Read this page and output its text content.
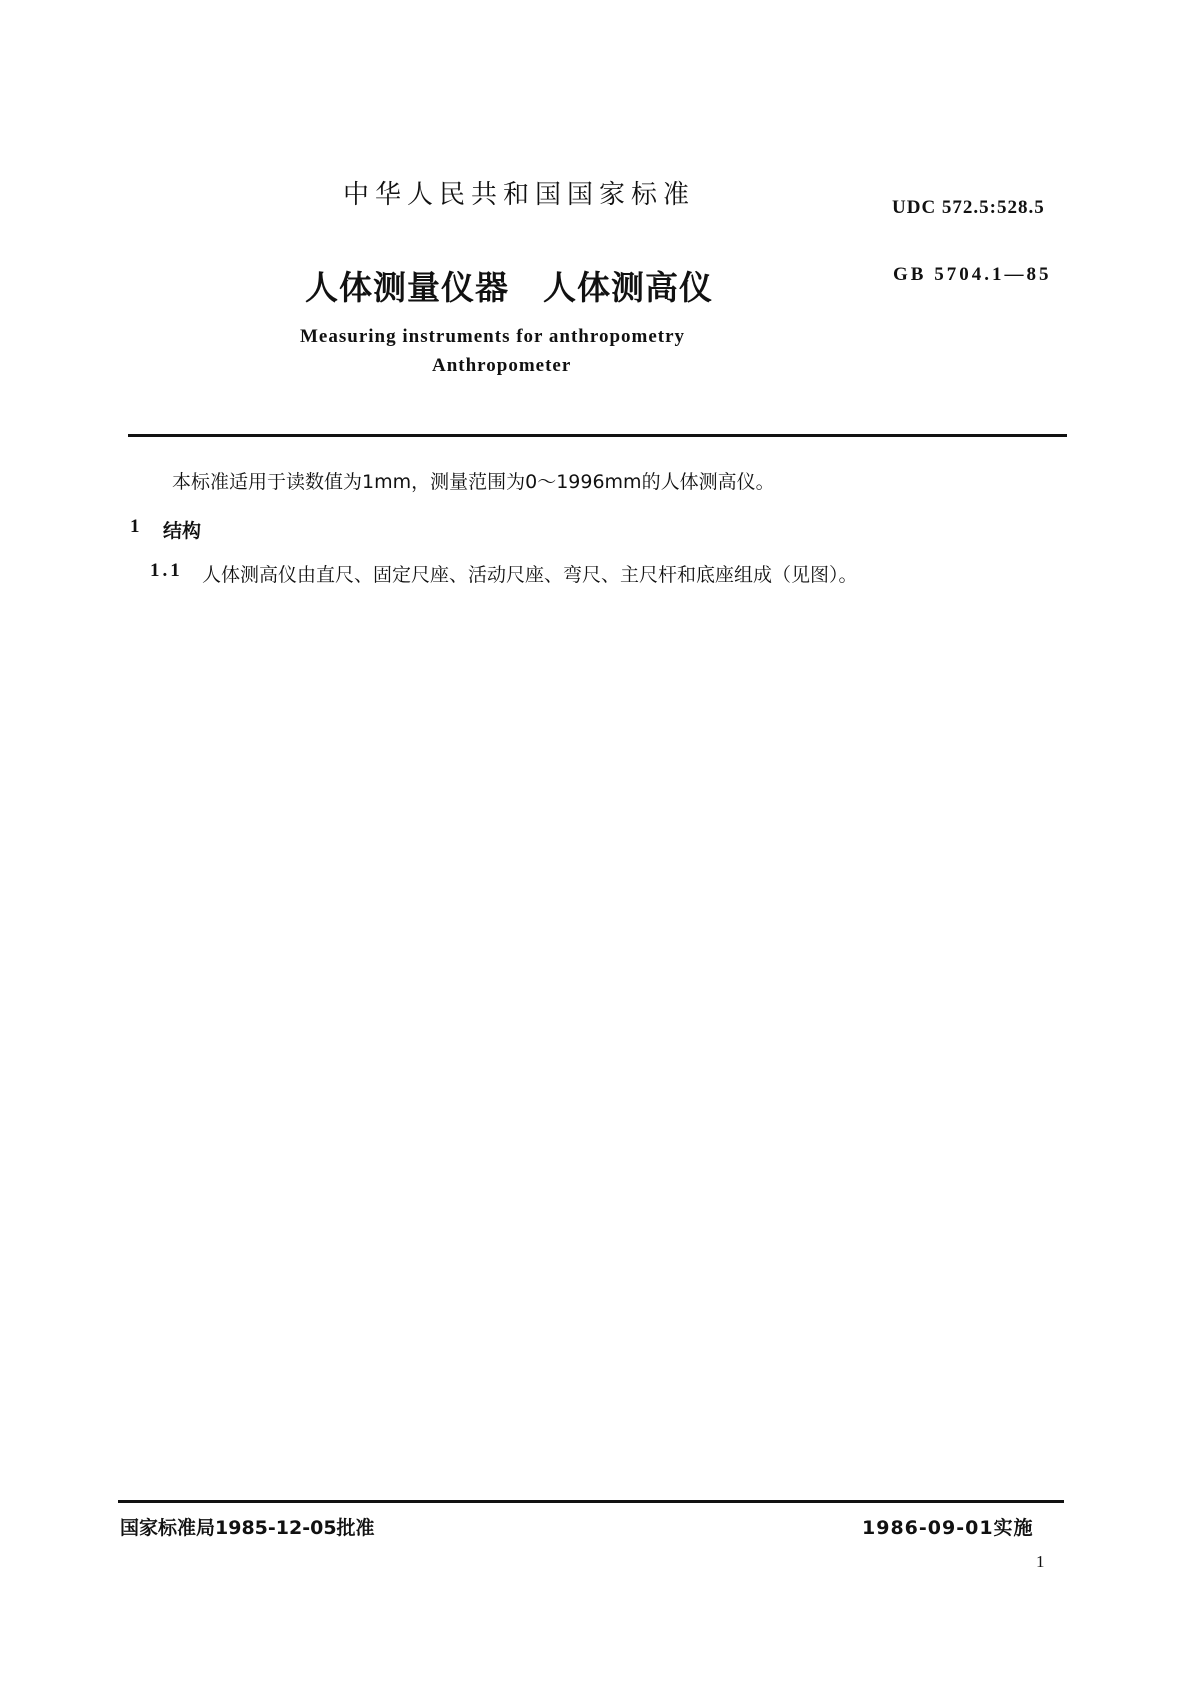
中华人民共和国国家标准	UDC 572.5:528.5
人体测量仪器　人体测高仪	GB 5704.1—85
Measuring instruments for anthropometry
Anthropometer
本标准适用于读数值为1mm，测量范围为0～1996mm的人体测高仪。
1 结构
1.1 人体测高仪由直尺、固定尺座、活动尺座、弯尺、主尺杆和底座组成（见图）。
国家标准局1985-12-05批准	1986-09-01实施
1
